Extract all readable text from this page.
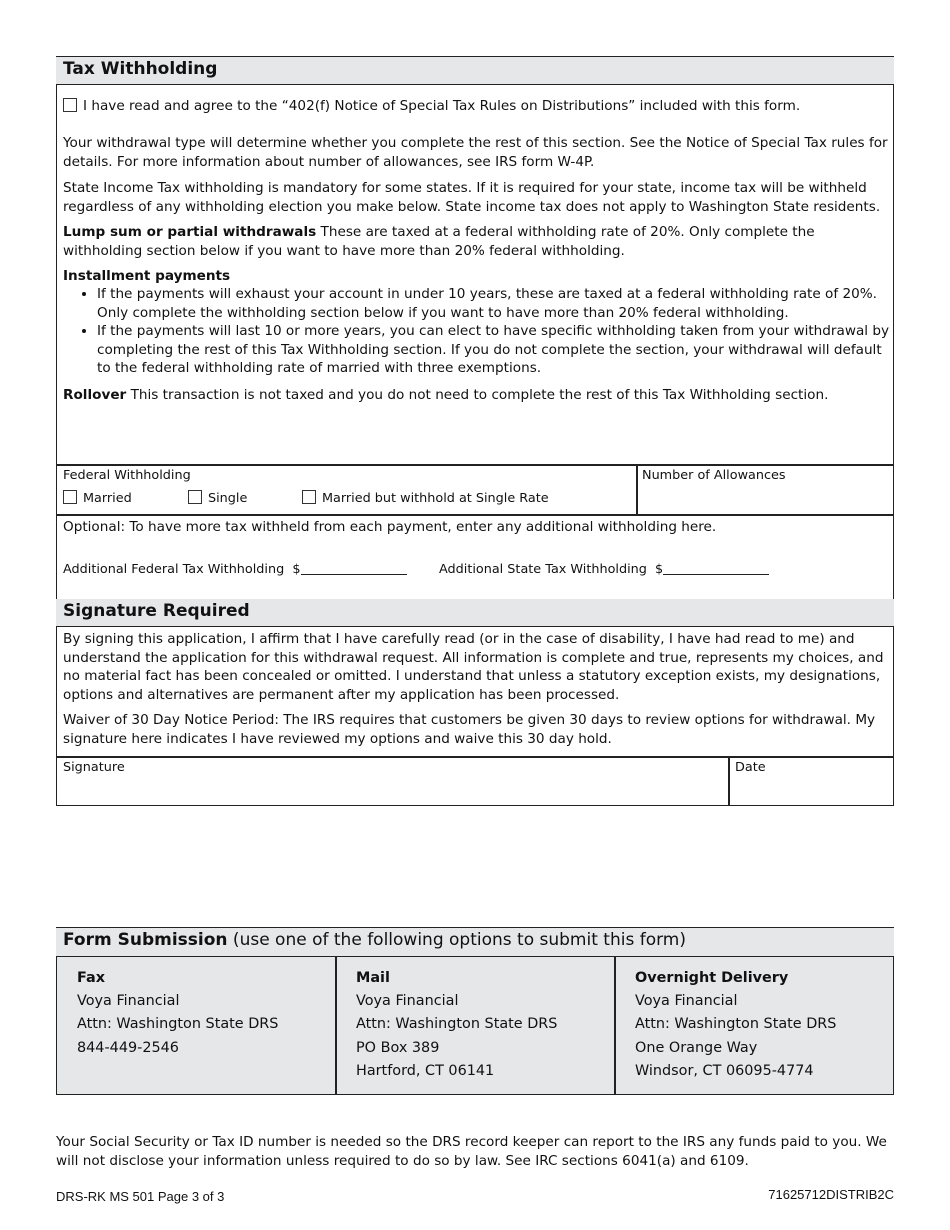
Tax Withholding
I have read and agree to the “402(f) Notice of Special Tax Rules on Distributions” included with this form.
Your withdrawal type will determine whether you complete the rest of this section. See the Notice of Special Tax rules for details. For more information about number of allowances, see IRS form W-4P.
State Income Tax withholding is mandatory for some states. If it is required for your state, income tax will be withheld regardless of any withholding election you make below. State income tax does not apply to Washington State residents.
Lump sum or partial withdrawals These are taxed at a federal withholding rate of 20%. Only complete the withholding section below if you want to have more than 20% federal withholding.
Installment payments
• If the payments will exhaust your account in under 10 years, these are taxed at a federal withholding rate of 20%. Only complete the withholding section below if you want to have more than 20% federal withholding.
• If the payments will last 10 or more years, you can elect to have specific withholding taken from your withdrawal by completing the rest of this Tax Withholding section. If you do not complete the section, your withdrawal will default to the federal withholding rate of married with three exemptions.
Rollover This transaction is not taxed and you do not need to complete the rest of this Tax Withholding section.
Federal Withholding
Married	Single	Married but withhold at Single Rate
Number of Allowances
Optional: To have more tax withheld from each payment, enter any additional withholding here.
Additional Federal Tax Withholding $	Additional State Tax Withholding $
Signature Required
By signing this application, I affirm that I have carefully read (or in the case of disability, I have had read to me) and understand the application for this withdrawal request. All information is complete and true, represents my choices, and no material fact has been concealed or omitted. I understand that unless a statutory exception exists, my designations, options and alternatives are permanent after my application has been processed.
Waiver of 30 Day Notice Period: The IRS requires that customers be given 30 days to review options for withdrawal. My signature here indicates I have reviewed my options and waive this 30 day hold.
Signature	Date
Form Submission (use one of the following options to submit this form)
Fax
Voya Financial
Attn: Washington State DRS
844-449-2546
Mail
Voya Financial
Attn: Washington State DRS
PO Box 389
Hartford, CT 06141
Overnight Delivery
Voya Financial
Attn: Washington State DRS
One Orange Way
Windsor, CT 06095-4774
Your Social Security or Tax ID number is needed so the DRS record keeper can report to the IRS any funds paid to you. We will not disclose your information unless required to do so by law. See IRC sections 6041(a) and 6109.
DRS-RK MS 501 Page 3 of 3	71625712DISTRIB2C
